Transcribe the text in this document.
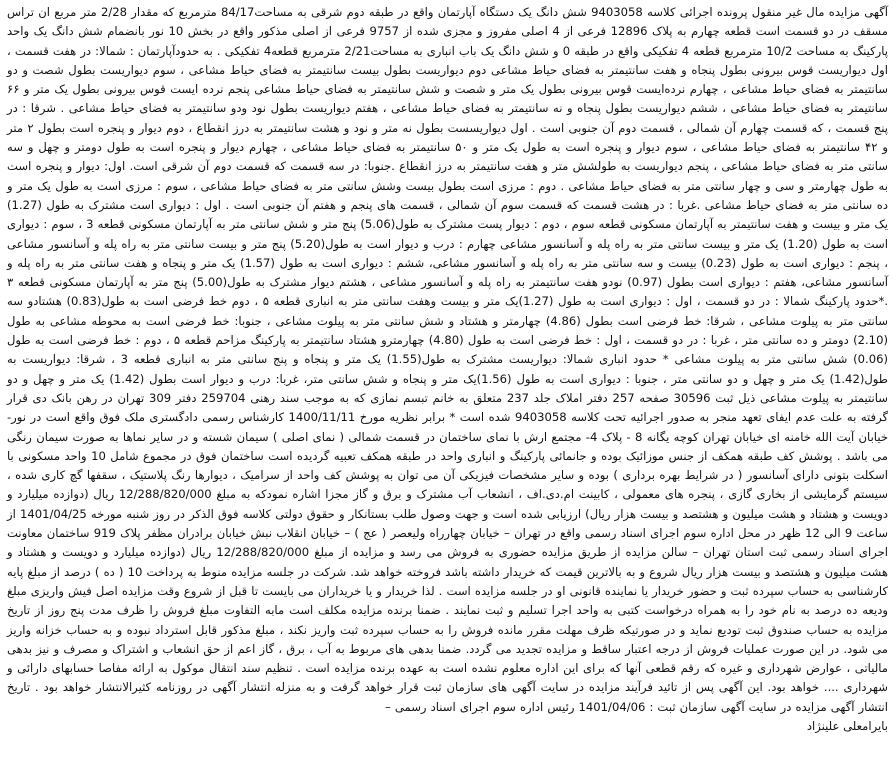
آگهی مزایده مال غیر منقول پرونده اجرائی کلاسه 9403058 شش دانگ یک دستگاه آپارتمان واقع در طبقه دوم شرقی به مساحت84/17 مترمربع که مقدار 2/28 متر مربع ان تراس مسقف در دو قسمت است قطعه چهارم به پلاک 12896 فرعی از 4 اصلی مفروز و مجزی شده از 9757 فرعی از اصلی مذکور واقع در بخش 10 نور بانضمام شش دانگ یک واحد پارکینگ به مساحت 10/2 مترمربع قطعه 4 تفکیکی واقع در طبقه 0 و شش دانگ یک باب انباری به مساحت2/21 مترمربع قطعه4 تفکیکی . به حدودآپارتمان : شمالا: در هفت قسمت ، اول دیواریست قوس بیرونی بطول پنجاه و هفت سانتیمتر به فضای حیاط مشاعی دوم دیواریست بطول بیست سانتیمتر به فضای حیاط مشاعی ، سوم دیواریست بطول شصت و دو سانتیمتر به فضای حیاط مشاعی ، چهارم نرده‌ایست قوس بیرونی بطول یک متر و شصت و شش سانتیمتر به فضای حیاط مشاعی پنجم نرده ایست قوس بیرونی بطول یک متر و ۶۶ سانتیمتر به فضای حیاط مشاعی ، ششم دیواریست بطول پنجاه و نه سانتیمتر به فضای حیاط مشاعی ، هفتم دیواریست بطول نود ودو سانتیمتر به فضای حیاط مشاعی . شرقا : در پنج قسمت ، که قسمت چهارم آن شمالی ، قسمت دوم آن جنوبی است . اول دیواریسست بطول نه متر و نود و هشت سانتیمتر به درز انقطاع ، دوم دیوار و پنجره است بطول ۲ متر و ۴۲ سانتیمتر به فضای حیاط مشاعی ، سوم دیوار و پنجره است به طول یک متر و ۵۰ سانتیمتر به فضای حیاط مشاعی ، چهارم دیوار و پنجره است به طول دومتر و چهل و سه سانتی متر به فضای حیاط مشاعی ، پنجم دیواریست به طولشش متر و هفت سانتیمتر به درز انقطاع .جنوبا: در سه قسمت که قسمت دوم آن شرقی است. اول: دیوار و پنجره است به طول چهارمتر و سی و چهار سانتی متر به فضای حیاط مشاعی . دوم : مرزی است بطول بیست وشش سانتی متر به فضای حیاط مشاعی ، سوم : مرزی است به طول یک متر و ده سانتی متر به فضای حیاط مشاعی .غربا : در هشت قسمت که قسمت سوم آن شمالی ، قسمت های پنجم و هفتم آن جنوبی است . اول : دیواری است مشترک به طول (1.27) یک متر و بیست و هفت سانتیمتر به آپارتمان مسکونی قطعه سوم ، دوم : دیوار پست مشترک به طول(5.06) پنج متر و شش سانتی متر به آپارتمان مسکونی قطعه 3 ، سوم : دیواری است به طول (1.20) یک متر و بیست سانتی متر به راه پله و آسانسور مشاعی چهارم : درب و دیوار است به طول(5.20) پنج متر و بیست سانتی متر به راه پله و آسانسور مشاعی ، پنجم : دیواری است به طول (0.23) بیست و سه سانتی متر به راه پله و آسانسور مشاعی، ششم : دیواری است به طول (1.57) یک متر و پنجاه و هفت سانتی متر به راه پله و آسانسور مشاعی، هفتم : دیواری است بطول (0.97) نودو هفت سانتیمتر به راه پله و آسانسور مشاعی ، هشتم دیوار مشترک به طول(5.00) پنج متر به آپارتمان مسکونی قطعه ۳ .*حدود پارکینگ شمالا : در دو قسمت ، اول : دیواری است به طول (1.27)یک متر و بیست وهفت سانتی متر به انباری قطعه ۵ ، دوم خط فرضی است به طول(0.83) هشتادو سه سانتی متر به پیلوت مشاعی ، شرقا: خط فرضی است بطول (4.86) چهارمتر و هشتاد و شش سانتی متر به پیلوت مشاعی ، جنوبا: خط فرضی است به محوطه مشاعی به طول (2.10) دومتر و ده سانتی متر ، غربا : در دو قسمت ، اول : خط فرضی است به طول (4.80) چهارمترو هشتاد سانتیمتر به پارکینگ مزاحم قطعه ۵ ، دوم : خط فرضی است به طول (0.06) شش سانتی متر به پیلوت مشاعی * حدود انباری شمالا: دیواریست مشترک به طول(1.55) یک متر و پنجاه و پنج سانتی متر به انباری قطعه 3 ، شرقا: دیواریست به طول(1.42) یک متر و چهل و دو سانتی متر ، جنوبا : دیواری است به طول (1.56)یک متر و پنجاه و شش سانتی متر، غربا: درب و دیوار است بطول (1.42) یک متر و چهل و دو سانتیمتر به پیلوت مشاعی ذیل ثبت 30596 صفحه 257 دفتر املاک جلد 237 متعلق به خانم تبسم نمازی که به موجب سند رهنی 259704 دفتر 309 تهران در رهن بانک دی قرار گرفته به علت عدم ایفای تعهد منجر به صدور اجرائیه تحت کلاسه 9403058 شده است * برابر نظریه مورخ 1400/11/11 کارشناس رسمی دادگستری ملک فوق واقع است در نور- خیابان آیت الله خامنه ای خیابان تهران کوچه یگانه 8 - پلاک 4- مجتمع ارش با نمای ساختمان در قسمت شمالی ( نمای اصلی ) سیمان شسته و در سایر نماها به صورت سیمان رنگی می باشد . پوشش کف طبقه همکف از جنس موزائیک بوده و جانمائی پارکینگ و انباری واحد در طبقه همکف تعبیه گردیده است ساختمان فوق در مجموع شامل 10 واحد مسکونی با اسکلت بتونی دارای آسانسور ( در شرایط بهره برداری ) بوده و سایر مشخصات فیزیکی آن می توان به پوشش کف واحد از سرامیک ، دیوارها رنگ پلاستیک ، سقفها گچ کاری شده ، سیستم گرمایشی از بخاری گازی ، پنجره های معمولی ، کابینت ام.دی.اف ، انشعاب آب مشترک و برق و گاز مجزا اشاره نمودکه به مبلغ 12/288/820/000 ریال (دوازده میلیارد و دویست و هشتاد و هشت میلیون و هشتصد و بیست هزار ریال) ارزیابی شده است و جهت وصول طلب بستانکار و حقوق دولتی کلاسه فوق الذکر در روز شنبه مورخه 1401/04/25 از ساعت 9 الی 12 ظهر در محل اداره سوم اجرای اسناد رسمی واقع در تهران – خیابان چهارراه ولیعصر ( عج ) – خیابان انقلاب نبش خیابان برادران مظفر پلاک 919 ساختمان معاونت اجرای اسناد رسمی ثبت استان تهران – سالن مزایده از طریق مزایده حضوری به فروش می رسد و مزایده از مبلغ 12/288/820/000 ریال (دوازده میلیارد و دویست و هشتاد و هشت میلیون و هشتصد و بیست هزار ریال شروع و به بالاترین قیمت که خریدار داشته باشد فروخته خواهد شد. شرکت در جلسه مزایده منوط به پرداخت 10 ( ده ) درصد از مبلغ پایه کارشناسی به حساب سپرده ثبت و حضور خریدار یا نماینده قانونی او در جلسه مزایده است . لذا خریدار و یا خریداران می بایست تا قبل از شروع وقت مزایده اصل فیش واریزی مبلغ ودیعه ده درصد به نام خود را به همراه درخواست کتبی به واحد اجرا تسلیم و ثبت نمایند . ضمنا برنده مزایده مکلف است مابه التفاوت مبلغ فروش را ظرف مدت پنج روز از تاریخ مزایده به حساب صندوق ثبت تودیع نماید و در صورتیکه ظرف مهلت مقرر مانده فروش را به حساب سپرده ثبت واریز نکند ، مبلغ مذکور قابل استرداد نبوده و به حساب خزانه واریز می شود. در این صورت عملیات فروش از درجه اعتبار ساقط و مزایده تجدید می گردد. ضمنا بدهی های مربوط به آب ، برق ، گاز اعم از حق انشعاب و اشتراک و مصرف و نیز بدهی مالیاتی ، عوارض شهرداری و غیره که رقم قطعی آنها که برای این اداره معلوم نشده است به عهده برنده مزایده است . تنظیم سند انتقال موکول به ارائه مفاصا حسابهای دارائی و شهرداری .... خواهد بود. این آگهی پس از تائید فرآیند مزایده در سایت آگهی های سازمان ثبت قرار خواهد گرفت و به منزله انتشار آگهی در روزنامه کثیرالانتشار خواهد بود . تاریخ انتشار آگهی مزایده در سایت آگهی سازمان ثبت : 1401/04/06 رئیس اداره سوم اجرای اسناد رسمی –

بایرامعلی علینژاد
